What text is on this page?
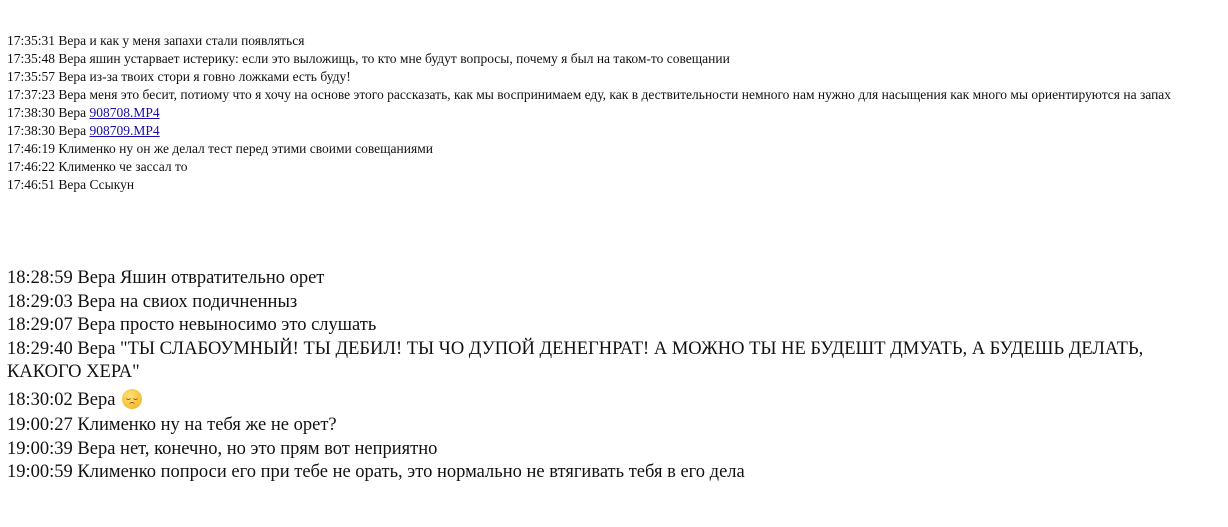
17:35:31 Вера и как у меня запахи стали появляться
17:35:48 Вера яшин устарвает истерику: если это выложищь, то кто мне будут вопросы, почему я был на таком-то совещании
17:35:57 Вера из-за твоих стори я говно ложками есть буду!
17:37:23 Вера меня это бесит, потиому что я хочу на основе этого рассказать, как мы воспринимаем еду, как в дествительности немного нам нужно для насыщения как много мы ориентируются на запах
17:38:30 Вера 908708.MP4
17:38:30 Вера 908709.MP4
17:46:19 Клименко ну он же делал тест перед этими своими совещаниями
17:46:22 Клименко че зассал то
17:46:51 Вера Ссыкун
18:28:59 Вера Яшин отвратительно орет
18:29:03 Вера на свиох подичненныз
18:29:07 Вера просто невыносимо это слушать
18:29:40 Вера "ТЫ СЛАБОУМНЫЙ! ТЫ ДЕБИЛ! ТЫ ЧО ДУПОЙ ДЕНЕГНРАТ! А МОЖНО ТЫ НЕ БУДЕШТ ДМУАТЬ, А БУДЕШЬ ДЕЛАТЬ, КАКОГО ХЕРА"
18:30:02 Вера
19:00:27 Клименко ну на тебя же не орет?
19:00:39 Вера нет, конечно, но это прям вот неприятно
19:00:59 Клименко попроси его при тебе не орать, это нормально не втягивать тебя в его дела
